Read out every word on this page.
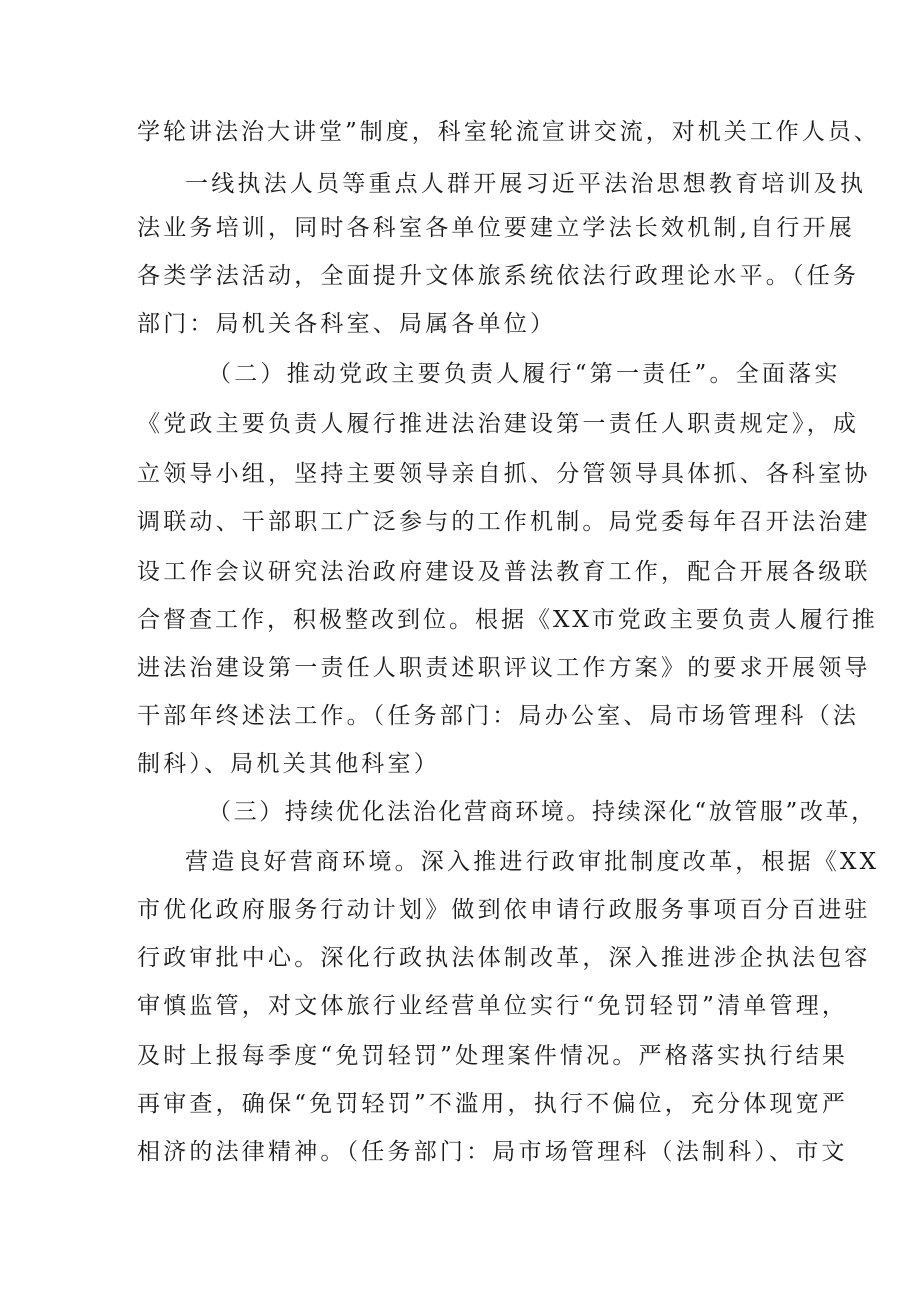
学轮讲法治大讲堂”制度，科室轮流宣讲交流，对机关工作人员、

一线执法人员等重点人群开展习近平法治思想教育培训及执

法业务培训，同时各科室各单位要建立学法长效机制,自行开展

各类学法活动，全面提升文体旅系统依法行政理论水平。（任务

部门：局机关各科室、局属各单位）

（二）推动党政主要负责人履行“第一责任”。全面落实

《党政主要负责人履行推进法治建设第一责任人职责规定》，成

立领导小组，坚持主要领导亲自抓、分管领导具体抓、各科室协

调联动、干部职工广泛参与的工作机制。局党委每年召开法治建

设工作会议研究法治政府建设及普法教育工作，配合开展各级联

合督查工作，积极整改到位。根据《XX市党政主要负责人履行推

进法治建设第一责任人职责述职评议工作方案》的要求开展领导

干部年终述法工作。（任务部门：局办公室、局市场管理科（法

制科）、局机关其他科室）

（三）持续优化法治化营商环境。持续深化“放管服”改革，

营造良好营商环境。深入推进行政审批制度改革，根据《XX

市优化政府服务行动计划》做到依申请行政服务事项百分百进驻

行政审批中心。深化行政执法体制改革，深入推进涉企执法包容

审慎监管，对文体旅行业经营单位实行“免罚轻罚”清单管理，

及时上报每季度“免罚轻罚”处理案件情况。严格落实执行结果

再审查，确保“免罚轻罚”不滥用，执行不偏位，充分体现宽严

相济的法律精神。（任务部门：局市场管理科（法制科）、市文
